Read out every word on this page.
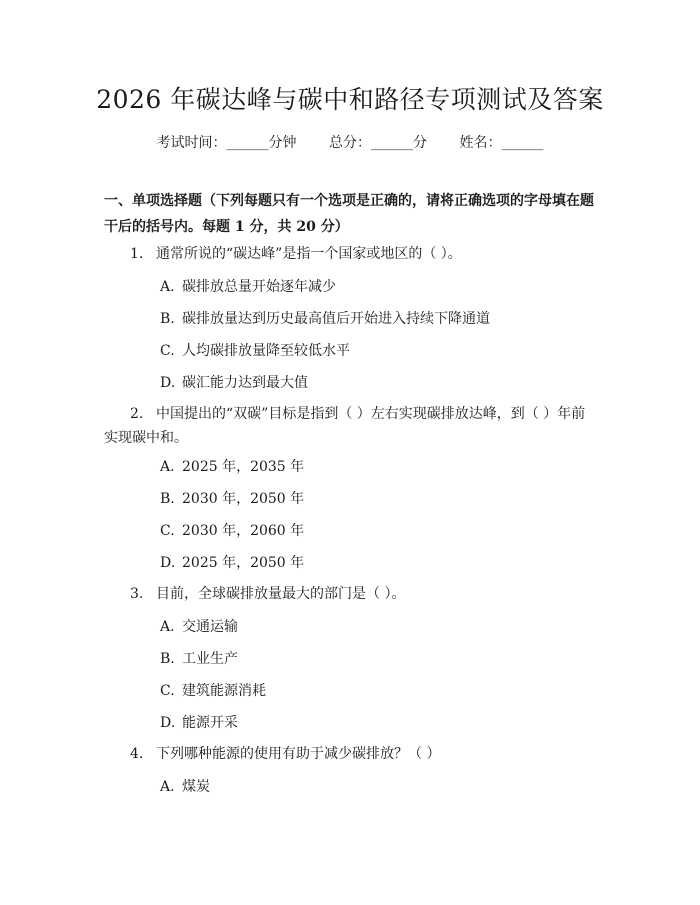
2026 年碳达峰与碳中和路径专项测试及答案
考试时间：______分钟 总分：______分 姓名：______
一、单项选择题（下列每题只有一个选项是正确的，请将正确选项的字母填在题干后的括号内。每题 1 分，共 20 分）
1. 通常所说的“碳达峰”是指一个国家或地区的（ ）。
A. 碳排放总量开始逐年减少
B. 碳排放量达到历史最高值后开始进入持续下降通道
C. 人均碳排放量降至较低水平
D. 碳汇能力达到最大值
2. 中国提出的“双碳”目标是指到（ ）左右实现碳排放达峰，到（ ）年前实现碳中和。
A. 2025 年，2035 年
B. 2030 年，2050 年
C. 2030 年，2060 年
D. 2025 年，2050 年
3. 目前，全球碳排放量最大的部门是（ ）。
A. 交通运输
B. 工业生产
C. 建筑能源消耗
D. 能源开采
4. 下列哪种能源的使用有助于减少碳排放？（ ）
A. 煤炭
